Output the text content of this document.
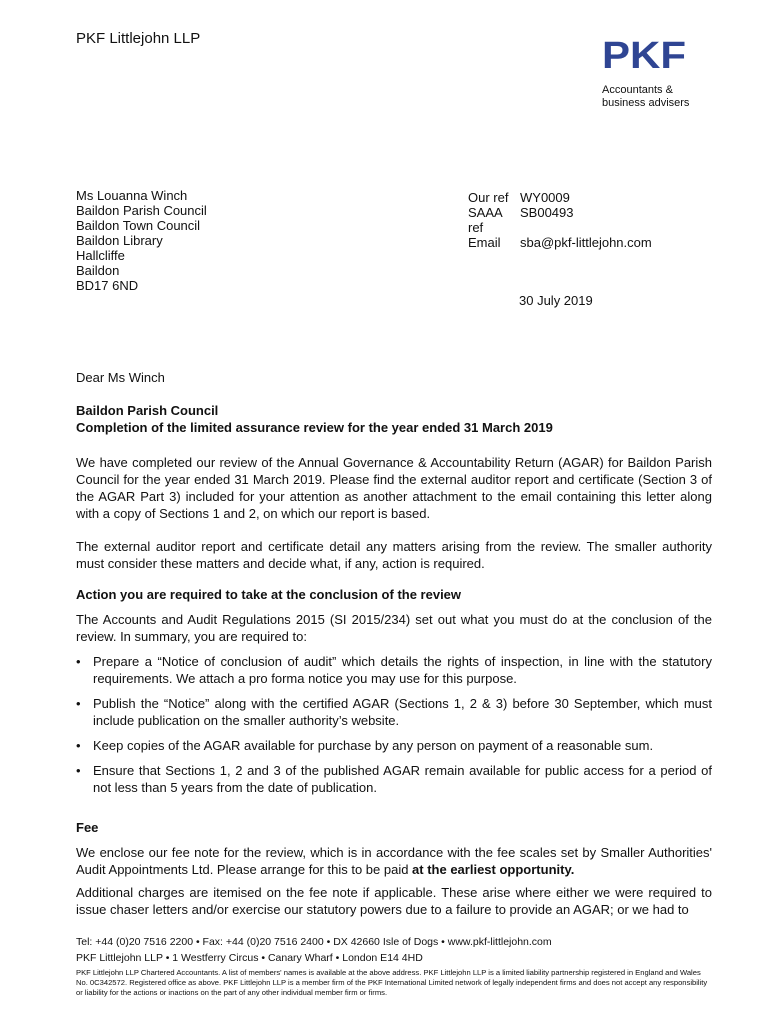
PKF Littlejohn LLP	PKF
Accountants &
business advisers
Ms Louanna Winch
Baildon Parish Council
Baildon Town Council
Baildon Library
Hallcliffe
Baildon
BD17 6ND
Our ref	WY0009

SAAA
ref	SB00493
Email	sba@pkf-littlejohn.com
30 July 2019
Dear Ms Winch
Baildon Parish Council
Completion of the limited assurance review for the year ended 31 March 2019
We have completed our review of the Annual Governance & Accountability Return (AGAR) for Baildon Parish Council for the year ended 31 March 2019. Please find the external auditor report and certificate (Section 3 of the AGAR Part 3) included for your attention as another attachment to the email containing this letter along with a copy of Sections 1 and 2, on which our report is based.
The external auditor report and certificate detail any matters arising from the review. The smaller authority must consider these matters and decide what, if any, action is required.
Action you are required to take at the conclusion of the review
The Accounts and Audit Regulations 2015 (SI 2015/234) set out what you must do at the conclusion of the review. In summary, you are required to:
• Prepare a “Notice of conclusion of audit” which details the rights of inspection, in line with the statutory requirements. We attach a pro forma notice you may use for this purpose.
• Publish the “Notice” along with the certified AGAR (Sections 1, 2 & 3) before 30 September, which must include publication on the smaller authority’s website.
• Keep copies of the AGAR available for purchase by any person on payment of a reasonable sum.
• Ensure that Sections 1, 2 and 3 of the published AGAR remain available for public access for a period of not less than 5 years from the date of publication.
Fee
We enclose our fee note for the review, which is in accordance with the fee scales set by Smaller Authorities' Audit Appointments Ltd. Please arrange for this to be paid at the earliest opportunity.
Additional charges are itemised on the fee note if applicable. These arise where either we were required to issue chaser letters and/or exercise our statutory powers due to a failure to provide an AGAR; or we had to
Tel: +44 (0)20 7516 2200 • Fax: +44 (0)20 7516 2400 • DX 42660 Isle of Dogs • www.pkf-littlejohn.com
PKF Littlejohn LLP • 1 Westferry Circus • Canary Wharf • London E14 4HD
PKF Littlejohn LLP Chartered Accountants. A list of members' names is available at the above address. PKF Littlejohn LLP is a limited liability partnership registered in England and Wales No. 0C342572. Registered office as above. PKF Littlejohn LLP is a member firm of the PKF International Limited network of legally independent firms and does not accept any responsibility or liability for the actions or inactions on the part of any other individual member firm or firms.
